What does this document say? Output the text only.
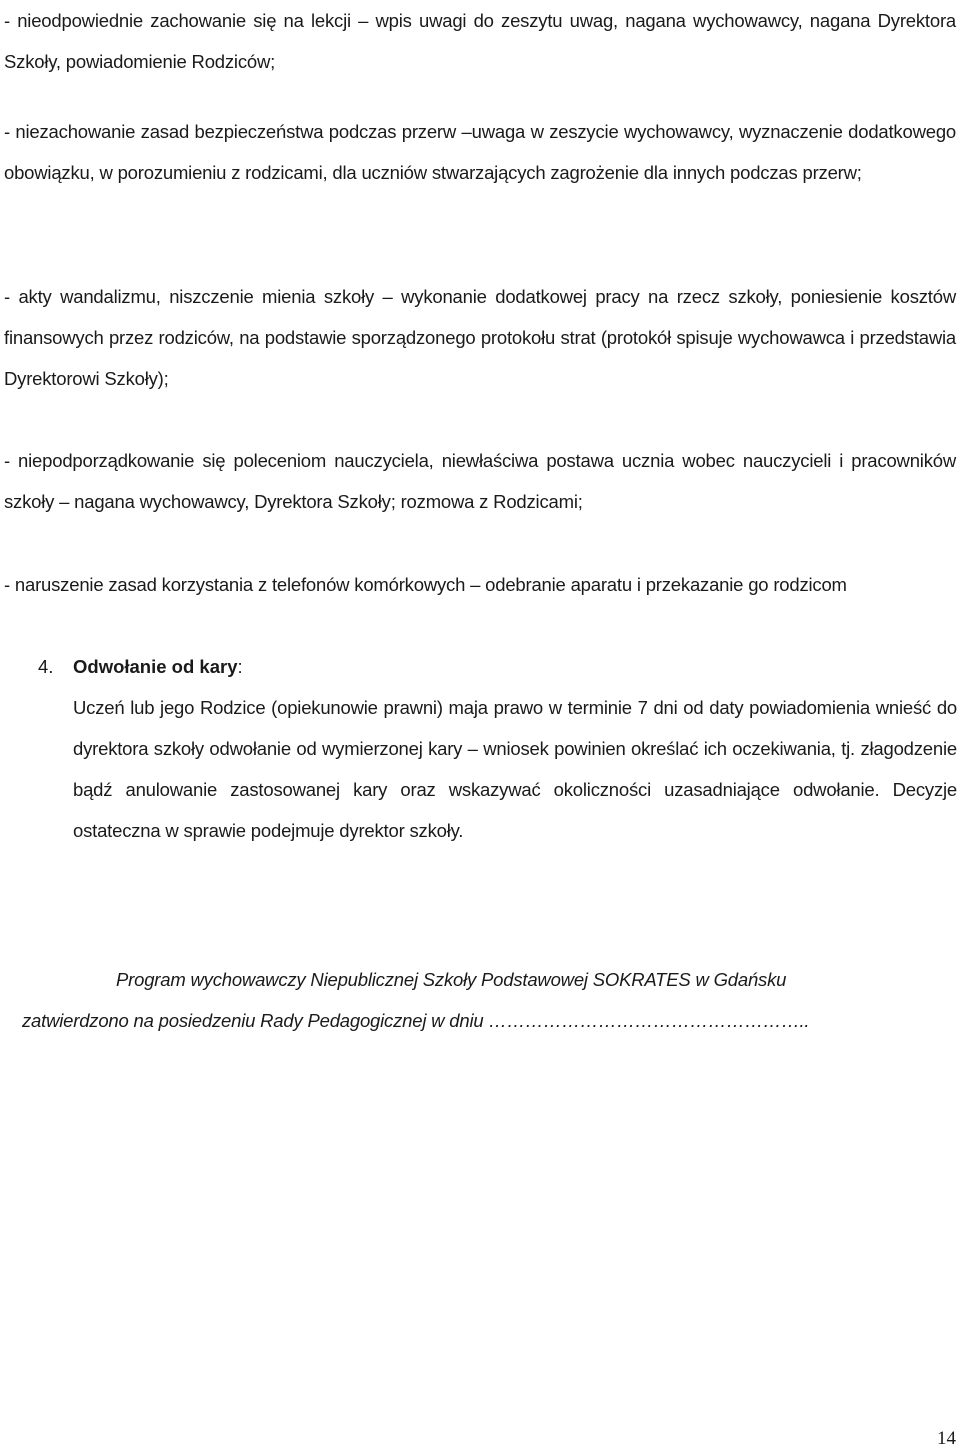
- nieodpowiednie zachowanie się na lekcji – wpis uwagi do zeszytu uwag, nagana wychowawcy, nagana Dyrektora Szkoły, powiadomienie Rodziców;

- niezachowanie zasad bezpieczeństwa podczas przerw –uwaga w zeszycie wychowawcy, wyznaczenie dodatkowego obowiązku, w porozumieniu z rodzicami, dla uczniów stwarzających zagrożenie dla innych podczas przerw;

- akty wandalizmu, niszczenie mienia szkoły – wykonanie dodatkowej pracy na rzecz szkoły, poniesienie kosztów finansowych przez rodziców, na podstawie sporządzonego protokołu strat (protokół spisuje wychowawca i przedstawia Dyrektorowi Szkoły);

- niepodporządkowanie się poleceniom nauczyciela, niewłaściwa postawa ucznia wobec nauczycieli i pracowników szkoły – nagana wychowawcy, Dyrektora Szkoły; rozmowa z Rodzicami;

- naruszenie zasad korzystania z telefonów komórkowych – odebranie aparatu i przekazanie go rodzicom

4. Odwołanie od kary:

Uczeń lub jego Rodzice (opiekunowie prawni) maja prawo w terminie 7 dni od daty powiadomienia wnieść do dyrektora szkoły odwołanie od wymierzonej kary – wniosek powinien określać ich oczekiwania, tj. złagodzenie bądź anulowanie zastosowanej kary oraz wskazywać okoliczności uzasadniające odwołanie. Decyzje ostateczna w sprawie podejmuje dyrektor szkoły.

Program wychowawczy Niepublicznej Szkoły Podstawowej SOKRATES w Gdańsku
zatwierdzono na posiedzeniu Rady Pedagogicznej w dniu ……………………………………………..
14
